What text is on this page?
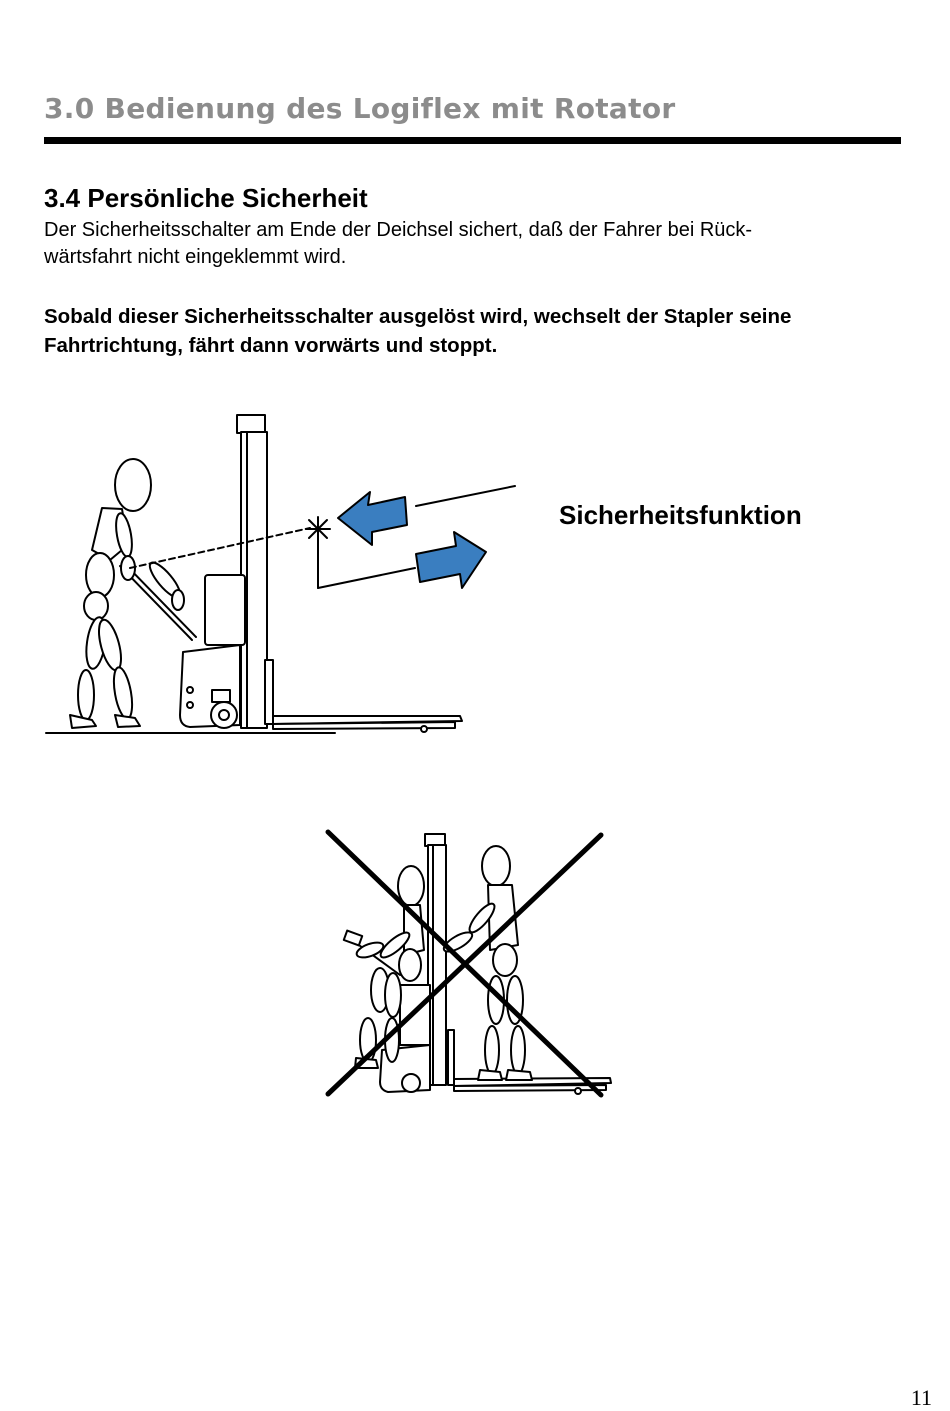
3.0 Bedienung des Logiflex mit Rotator
3.4 Persönliche Sicherheit
Der Sicherheitsschalter am Ende der Deichsel sichert, daß der Fahrer bei Rück-
wärtsfahrt nicht eingeklemmt wird.
Sobald dieser Sicherheitsschalter ausgelöst wird, wechselt der Stapler seine
Fahrtrichtung, fährt dann vorwärts und stoppt.
Sicherheitsfunktion
11
